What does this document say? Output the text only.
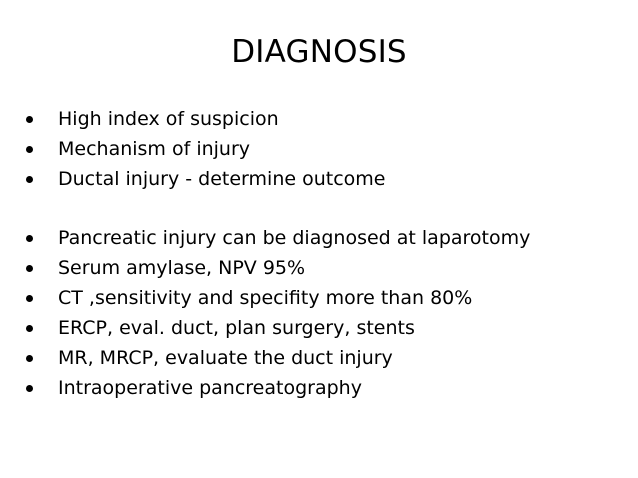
DIAGNOSIS
High index of suspicion
Mechanism of injury
Ductal injury - determine outcome
Pancreatic injury can be diagnosed at laparotomy
Serum amylase, NPV 95%
CT ,sensitivity and specifity more than 80%
ERCP, eval. duct, plan surgery, stents
MR, MRCP, evaluate the duct injury
Intraoperative pancreatography
